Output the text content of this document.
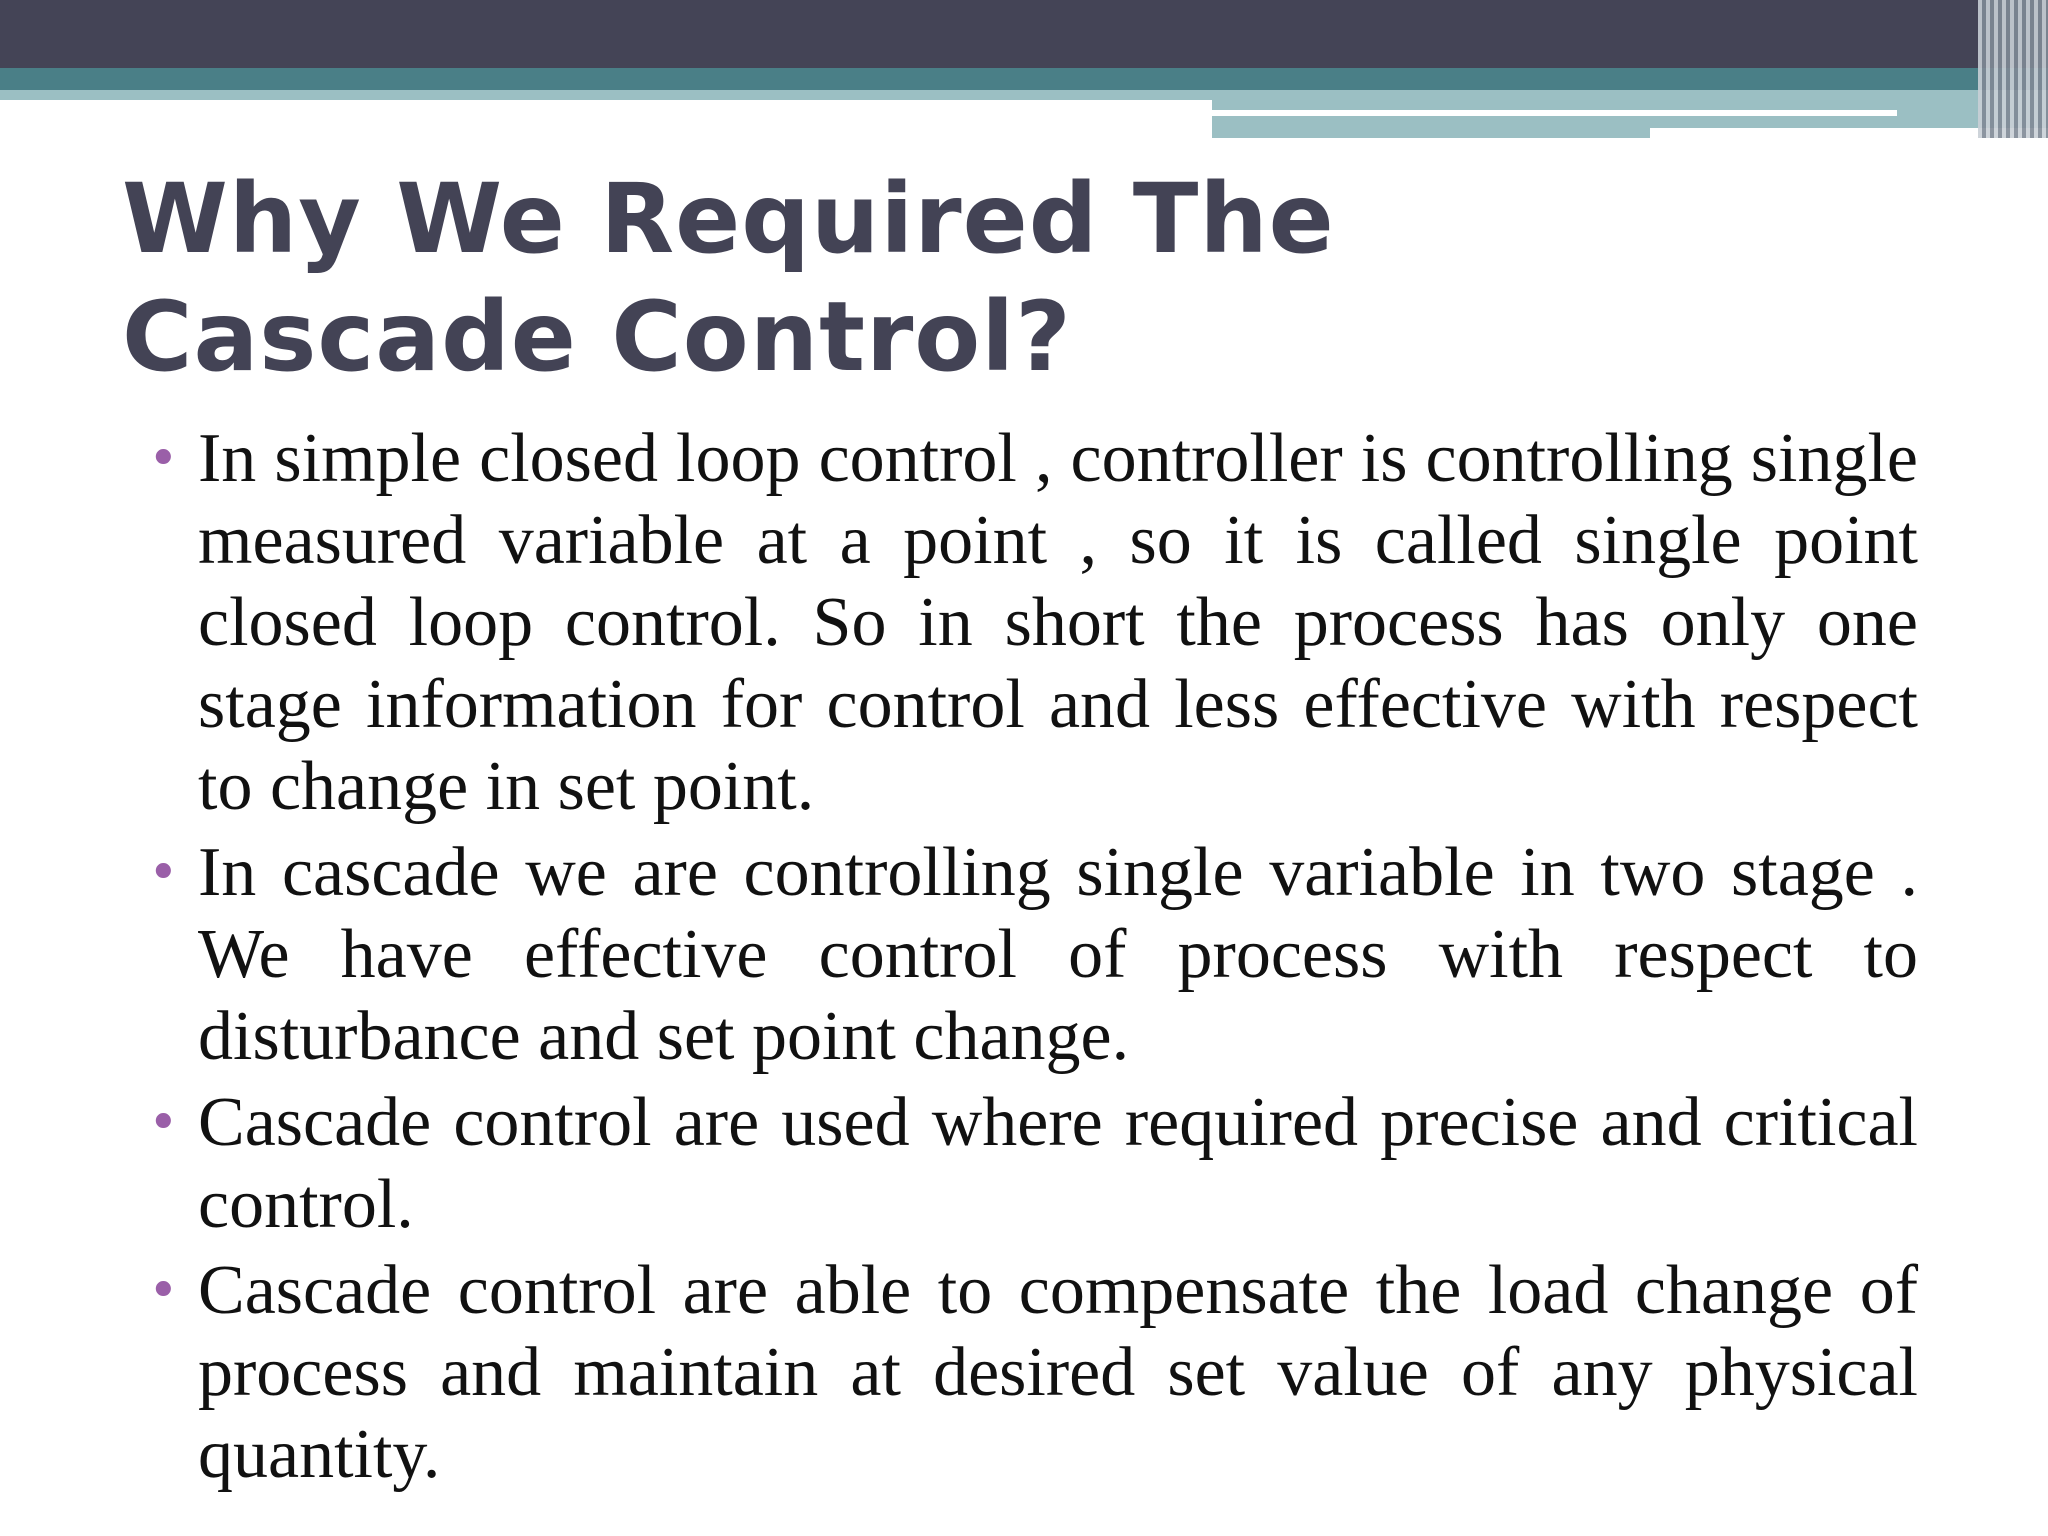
Why We Required The Cascade Control?
• In simple closed loop control , controller is controlling single measured variable at a point , so it is called single point closed loop control. So in short the process has only one stage information for control and less effective with respect to change in set point.
• In cascade we are controlling single variable in two stage . We have effective control of process with respect to disturbance and set point change.
• Cascade control are used where required precise and critical control.
• Cascade control are able to compensate the load change of process and maintain at desired set value of any physical quantity.
